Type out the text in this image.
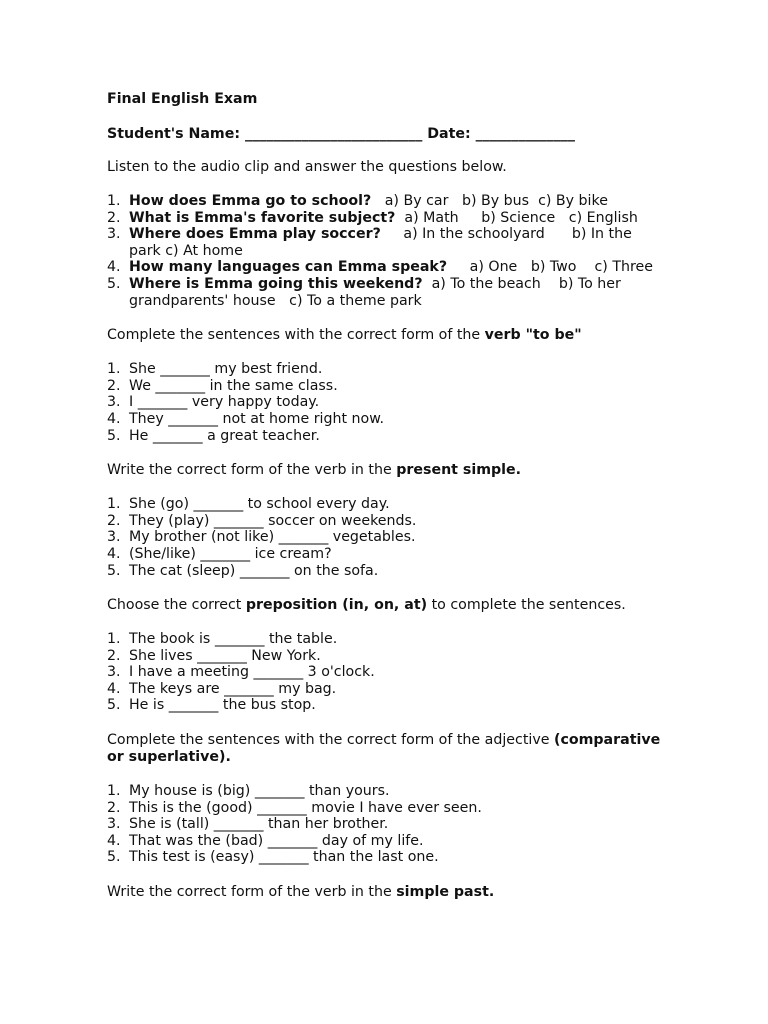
Final English Exam
Student's Name: _________________________ Date: ______________
Listen to the audio clip and answer the questions below.
1. How does Emma go to school?   a) By car   b) By bus  c) By bike
2. What is Emma's favorite subject?  a) Math     b) Science   c) English
3. Where does Emma play soccer?     a) In the schoolyard      b) In the park c) At home
4. How many languages can Emma speak?     a) One   b) Two    c) Three
5. Where is Emma going this weekend?  a) To the beach    b) To her grandparents' house   c) To a theme park
Complete the sentences with the correct form of the verb "to be"
1. She _______ my best friend.
2. We _______ in the same class.
3. I _______ very happy today.
4. They _______ not at home right now.
5. He _______ a great teacher.
Write the correct form of the verb in the present simple.
1. She (go) _______ to school every day.
2. They (play) _______ soccer on weekends.
3. My brother (not like) _______ vegetables.
4. (She/like) _______ ice cream?
5. The cat (sleep) _______ on the sofa.
Choose the correct preposition (in, on, at) to complete the sentences.
1. The book is _______ the table.
2. She lives _______ New York.
3. I have a meeting _______ 3 o'clock.
4. The keys are _______ my bag.
5. He is _______ the bus stop.
Complete the sentences with the correct form of the adjective (comparative or superlative).
1. My house is (big) _______ than yours.
2. This is the (good) _______ movie I have ever seen.
3. She is (tall) _______ than her brother.
4. That was the (bad) _______ day of my life.
5. This test is (easy) _______ than the last one.
Write the correct form of the verb in the simple past.
